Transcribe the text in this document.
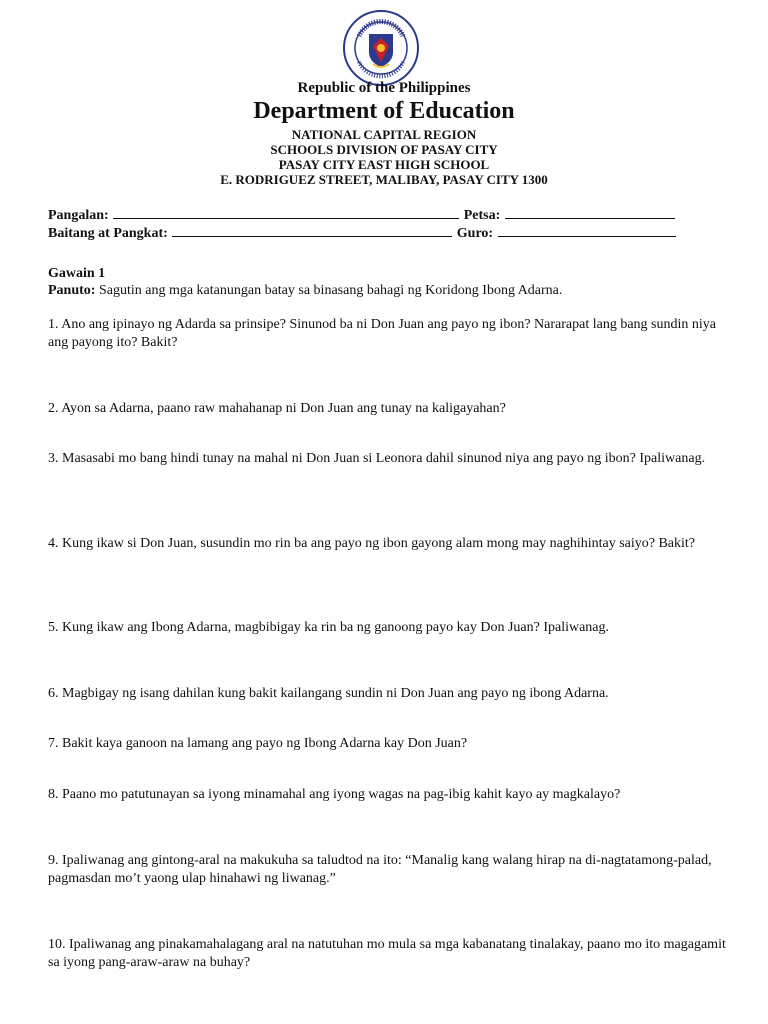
Republic of the Philippines
Department of Education
NATIONAL CAPITAL REGION
SCHOOLS DIVISION OF PASAY CITY
PASAY CITY EAST HIGH SCHOOL
E. RODRIGUEZ STREET, MALIBAY, PASAY CITY 1300
Pangalan:	Petsa:
Baitang at Pangkat:	Guro:
Gawain 1
Panuto: Sagutin ang mga katanungan batay sa binasang bahagi ng Koridong Ibong Adarna.
1. Ano ang ipinayo ng Adarda sa prinsipe? Sinunod ba ni Don Juan ang payo ng ibon? Nararapat lang bang sundin niya ang payong ito? Bakit?
2. Ayon sa Adarna, paano raw mahahanap ni Don Juan ang tunay na kaligayahan?
3. Masasabi mo bang hindi tunay na mahal ni Don Juan si Leonora dahil sinunod niya ang payo ng ibon? Ipaliwanag.
4. Kung ikaw si Don Juan, susundin mo rin ba ang payo ng ibon gayong alam mong may naghihintay saiyo? Bakit?
5. Kung ikaw ang Ibong Adarna, magbibigay ka rin ba ng ganoong payo kay Don Juan? Ipaliwanag.
6. Magbigay ng isang dahilan kung bakit kailangang sundin ni Don Juan ang payo ng ibong Adarna.
7. Bakit kaya ganoon na lamang ang payo ng Ibong Adarna kay Don Juan?
8. Paano mo patutunayan sa iyong minamahal ang iyong wagas na pag-ibig kahit kayo ay magkalayo?
9. Ipaliwanag ang gintong-aral na makukuha sa taludtod na ito: “Manalig kang walang hirap na di-nagtatamong-palad, pagmasdan mo’t yaong ulap hinahawi ng liwanag.”
10. Ipaliwanag ang pinakamahalagang aral na natutuhan mo mula sa mga kabanatang tinalakay, paano mo ito magagamit sa iyong pang-araw-araw na buhay?
